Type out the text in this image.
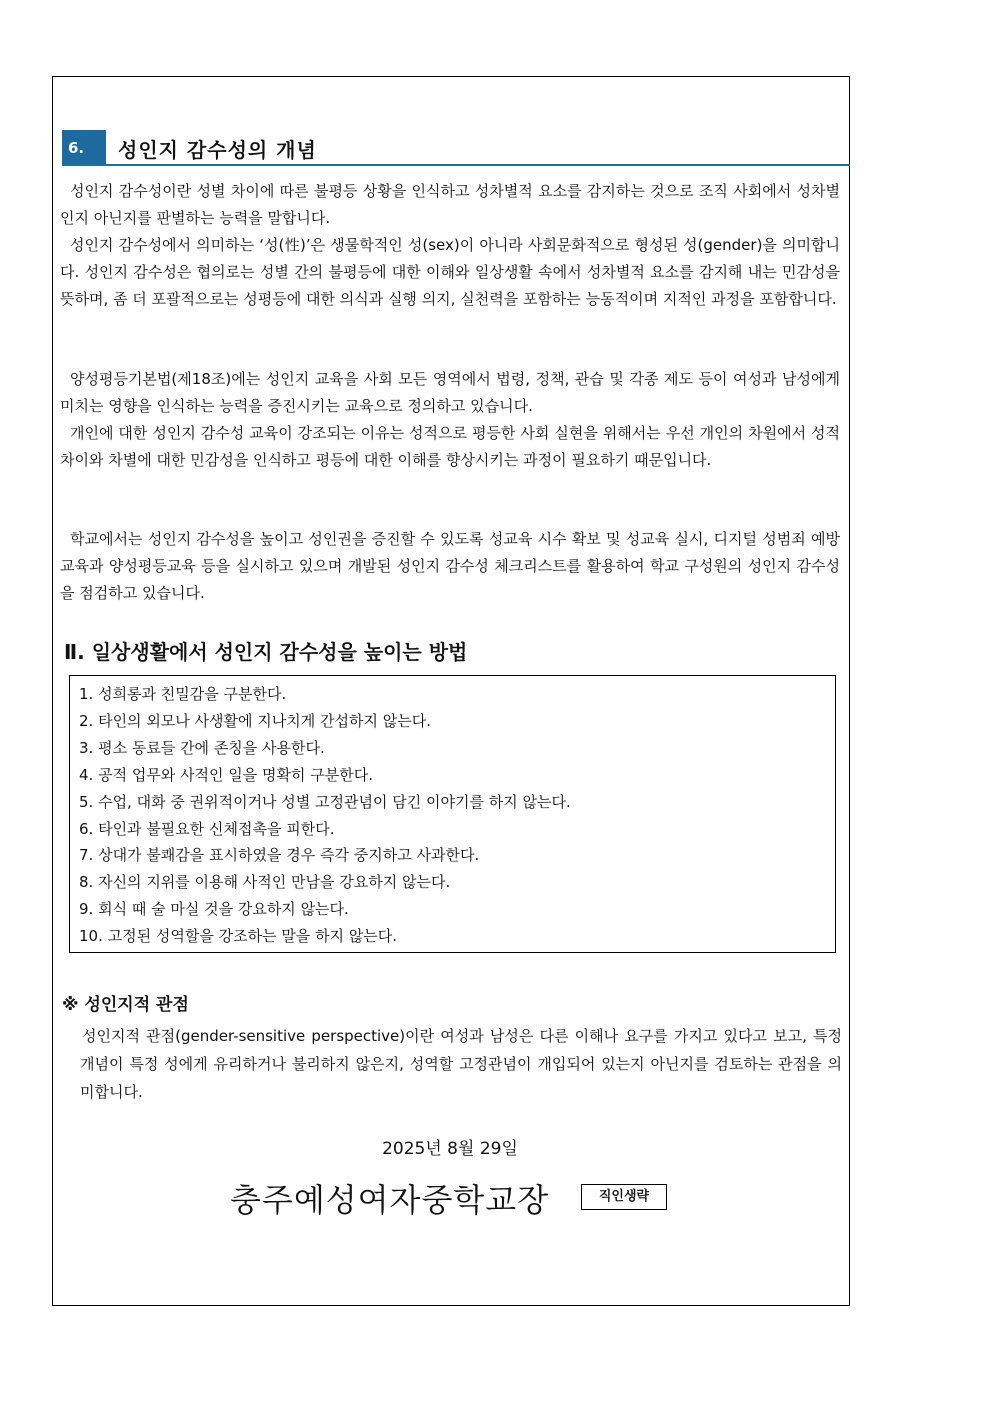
6.	성인지 감수성의 개념

성인지 감수성이란 성별 차이에 따른 불평등 상황을 인식하고 성차별적 요소를 감지하는 것으로 조직 사회에서 성차별인지 아닌지를 판별하는 능력을 말합니다.

성인지 감수성에서 의미하는 ‘성(性)’은 생물학적인 성(sex)이 아니라 사회문화적으로 형성된 성(gender)을 의미합니다. 성인지 감수성은 협의로는 성별 간의 불평등에 대한 이해와 일상생활 속에서 성차별적 요소를 감지해 내는 민감성을 뜻하며, 좀 더 포괄적으로는 성평등에 대한 의식과 실행 의지, 실천력을 포함하는 능동적이며 지적인 과정을 포함합니다.

양성평등기본법(제18조)에는 성인지 교육을 사회 모든 영역에서 법령, 정책, 관습 및 각종 제도 등이 여성과 남성에게 미치는 영향을 인식하는 능력을 증진시키는 교육으로 정의하고 있습니다.

개인에 대한 성인지 감수성 교육이 강조되는 이유는 성적으로 평등한 사회 실현을 위해서는 우선 개인의 차원에서 성적 차이와 차별에 대한 민감성을 인식하고 평등에 대한 이해를 향상시키는 과정이 필요하기 때문입니다.

학교에서는 성인지 감수성을 높이고 성인권을 증진할 수 있도록 성교육 시수 확보 및 성교육 실시, 디지털 성범죄 예방교육과 양성평등교육 등을 실시하고 있으며 개발된 성인지 감수성 체크리스트를 활용하여 학교 구성원의 성인지 감수성을 점검하고 있습니다.

Ⅱ. 일상생활에서 성인지 감수성을 높이는 방법
1. 성희롱과 친밀감을 구분한다.
2. 타인의 외모나 사생활에 지나치게 간섭하지 않는다.
3. 평소 동료들 간에 존칭을 사용한다.
4. 공적 업무와 사적인 일을 명확히 구분한다.
5. 수업, 대화 중 권위적이거나 성별 고정관념이 담긴 이야기를 하지 않는다.
6. 타인과 불필요한 신체접촉을 피한다.
7. 상대가 불쾌감을 표시하였을 경우 즉각 중지하고 사과한다.
8. 자신의 지위를 이용해 사적인 만남을 강요하지 않는다.
9. 회식 때 술 마실 것을 강요하지 않는다.
10. 고정된 성역할을 강조하는 말을 하지 않는다.
※ 성인지적 관점

성인지적 관점(gender-sensitive perspective)이란 여성과 남성은 다른 이해나 요구를 가지고 있다고 보고, 특정 개념이 특정 성에게 유리하거나 불리하지 않은지, 성역할 고정관념이 개입되어 있는지 아닌지를 검토하는 관점을 의미합니다.

2025년 8월 29일
충주예성여자중학교장	직인생략
